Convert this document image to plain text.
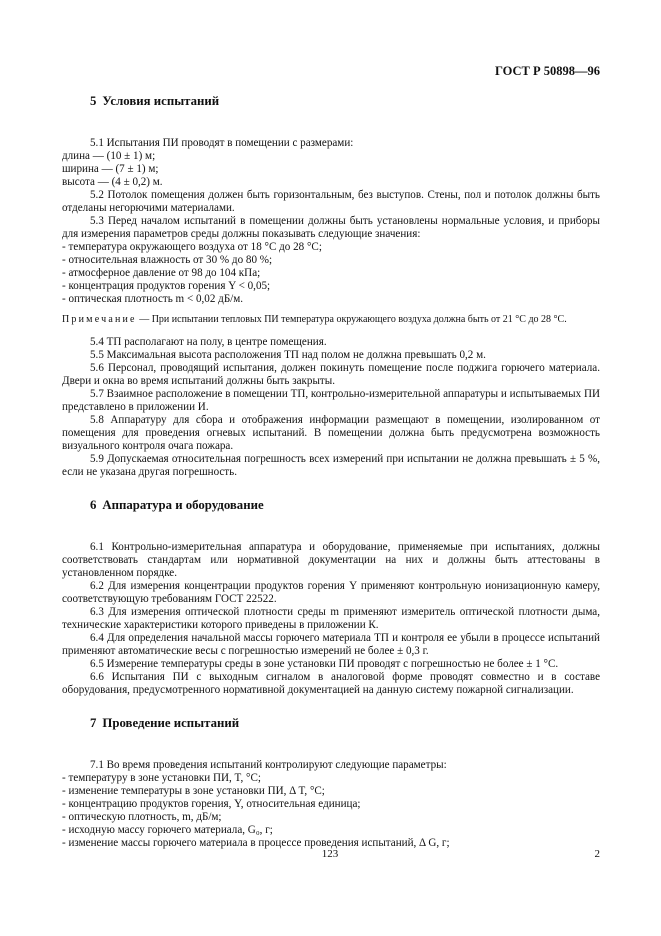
ГОСТ Р 50898—96
5 Условия испытаний

5.1 Испытания ПИ проводят в помещении с размерами:

длина — (10 ± 1) м;

ширина — (7 ± 1) м;

высота — (4 ± 0,2) м.

5.2 Потолок помещения должен быть горизонтальным, без выступов. Стены, пол и потолок должны быть отделаны негорючими материалами.

5.3 Перед началом испытаний в помещении должны быть установлены нормальные условия, и приборы для измерения параметров среды должны показывать следующие значения:

- температура окружающего воздуха от 18 °С до 28 °С;

- относительная влажность от 30 % до 80 %;

- атмосферное давление от 98 до 104 кПа;

- концентрация продуктов горения Y < 0,05;

- оптическая плотность m < 0,02 дБ/м.

Примечание — При испытании тепловых ПИ температура окружающего воздуха должна быть от 21 °С до 28 °С.

5.4 ТП располагают на полу, в центре помещения.

5.5 Максимальная высота расположения ТП над полом не должна превышать 0,2 м.

5.6 Персонал, проводящий испытания, должен покинуть помещение после поджига горючего материала. Двери и окна во время испытаний должны быть закрыты.

5.7 Взаимное расположение в помещении ТП, контрольно-измерительной аппаратуры и испытываемых ПИ представлено в приложении И.

5.8 Аппаратуру для сбора и отображения информации размещают в помещении, изолированном от помещения для проведения огневых испытаний. В помещении должна быть предусмотрена возможность визуального контроля очага пожара.

5.9 Допускаемая относительная погрешность всех измерений при испытании не должна превышать ± 5 %, если не указана другая погрешность.

6 Аппаратура и оборудование

6.1 Контрольно-измерительная аппаратура и оборудование, применяемые при испытаниях, должны соответствовать стандартам или нормативной документации на них и должны быть аттестованы в установленном порядке.

6.2 Для измерения концентрации продуктов горения Y применяют контрольную ионизационную камеру, соответствующую требованиям ГОСТ 22522.

6.3 Для измерения оптической плотности среды m применяют измеритель оптической плотности дыма, технические характеристики которого приведены в приложении К.

6.4 Для определения начальной массы горючего материала ТП и контроля ее убыли в процессе испытаний применяют автоматические весы с погрешностью измерений не более ± 0,3 г.

6.5 Измерение температуры среды в зоне установки ПИ проводят с погрешностью не более ± 1 °С.

6.6 Испытания ПИ с выходным сигналом в аналоговой форме проводят совместно и в составе оборудования, предусмотренного нормативной документацией на данную систему пожарной сигнализации.

7 Проведение испытаний

7.1 Во время проведения испытаний контролируют следующие параметры:

- температуру в зоне установки ПИ, T, °С;

- изменение температуры в зоне установки ПИ, Δ T, °С;

- концентрацию продуктов горения, Y, относительная единица;

- оптическую плотность, m, дБ/м;

- исходную массу горючего материала, G₀, г;

- изменение массы горючего материала в процессе проведения испытаний, Δ G, г;

123	2
